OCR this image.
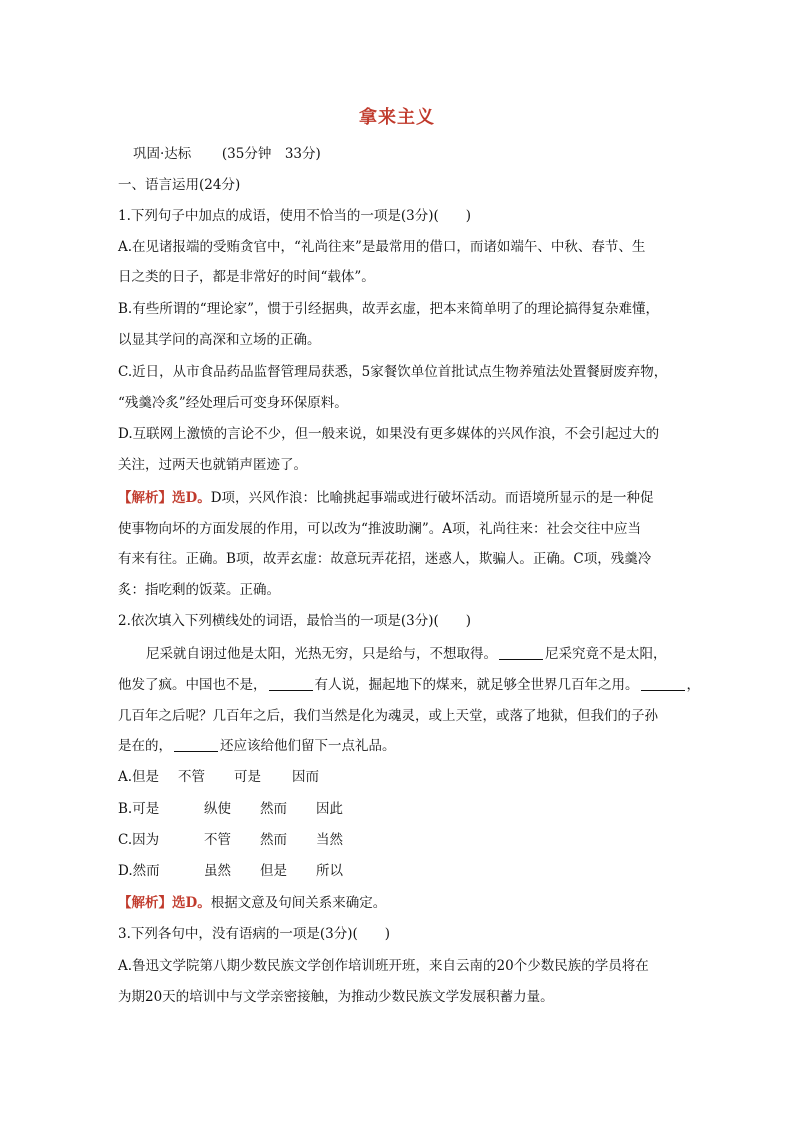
拿来主义
巩固·达标 (35分钟　33分)
一、语言运用(24分)
1.下列句子中加点的成语，使用不恰当的一项是(3分)(　　)
A.在见诸报端的受贿贪官中，“礼尚往来”是最常用的借口，而诸如端午、中秋、春节、生
日之类的日子，都是非常好的时间“载体”。
B.有些所谓的“理论家”，惯于引经据典，故弄玄虚，把本来简单明了的理论搞得复杂难懂，
以显其学问的高深和立场的正确。
C.近日，从市食品药品监督管理局获悉，5家餐饮单位首批试点生物养殖法处置餐厨废弃物，
“残羹冷炙”经处理后可变身环保原料。
D.互联网上激愤的言论不少，但一般来说，如果没有更多媒体的兴风作浪，不会引起过大的
关注，过两天也就销声匿迹了。
【解析】选D。D项，兴风作浪：比喻挑起事端或进行破坏活动。而语境所显示的是一种促
使事物向坏的方面发展的作用，可以改为“推波助澜”。A项，礼尚往来：社会交往中应当
有来有往。正确。B项，故弄玄虚：故意玩弄花招，迷惑人，欺骗人。正确。C项，残羹冷
炙：指吃剩的饭菜。正确。
2.依次填入下列横线处的词语，最恰当的一项是(3分)(　　)
尼采就自诩过他是太阳，光热无穷，只是给与，不想取得。	尼采究竟不是太阳，
他发了疯。中国也不是，	有人说，掘起地下的煤来，就足够全世界几百年之用。	，
几百年之后呢？几百年之后，我们当然是化为魂灵，或上天堂，或落了地狱，但我们的子孙
是在的，	还应该给他们留下一点礼品。
A.但是 不管 可是 因而
B.可是	纵使 然而 因此
C.因为	不管 然而 当然
D.然而	虽然 但是 所以
【解析】选D。根据文意及句间关系来确定。
3.下列各句中，没有语病的一项是(3分)(　　)
A.鲁迅文学院第八期少数民族文学创作培训班开班，来自云南的20个少数民族的学员将在
为期20天的培训中与文学亲密接触，为推动少数民族文学发展积蓄力量。
